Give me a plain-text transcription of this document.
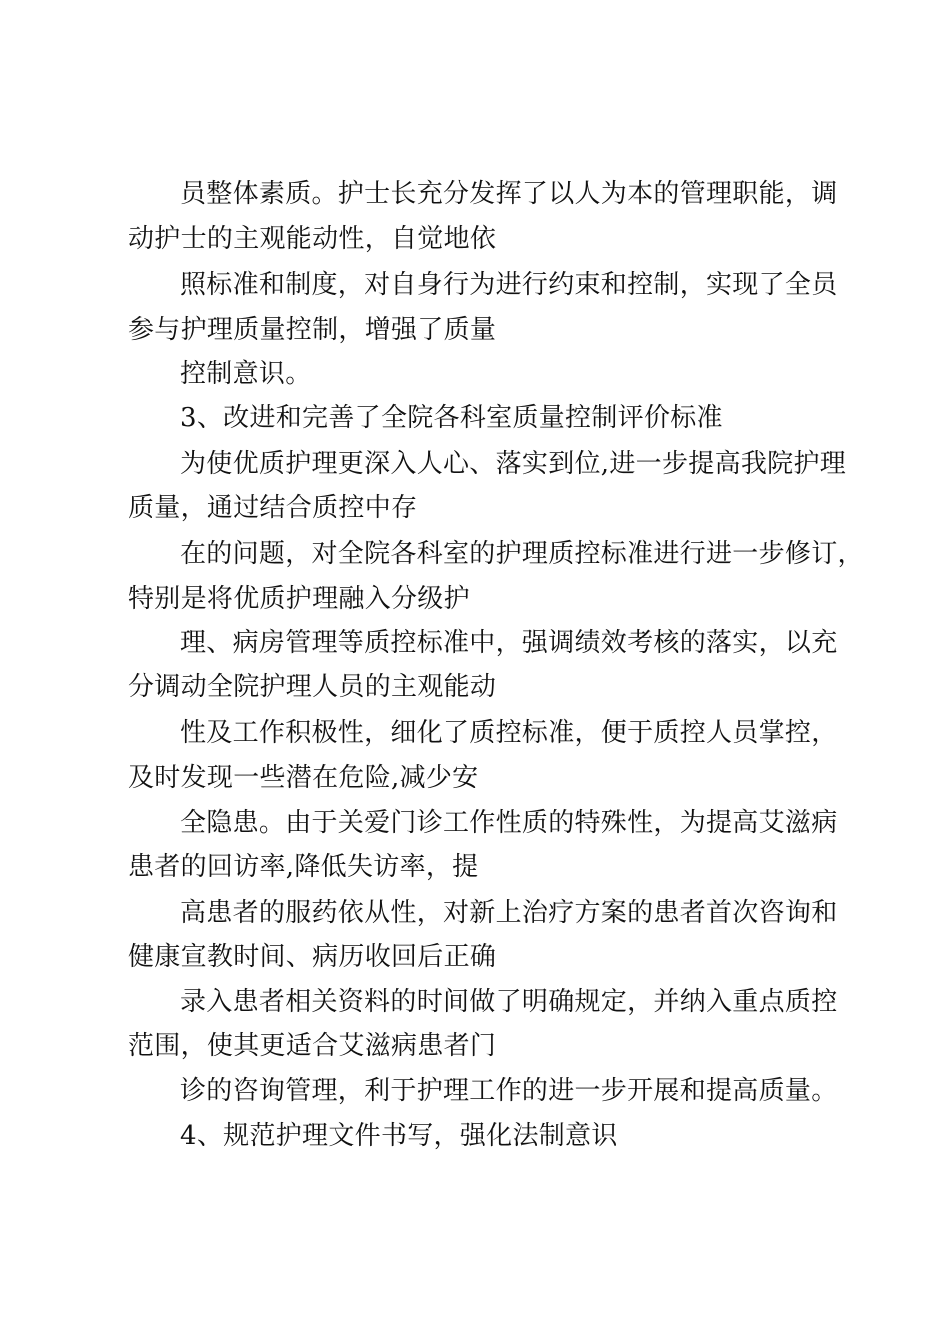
员整体素质。护士长充分发挥了以人为本的管理职能，调

动护士的主观能动性，自觉地依

照标准和制度，对自身行为进行约束和控制，实现了全员

参与护理质量控制，增强了质量

控制意识。

3、改进和完善了全院各科室质量控制评价标准

为使优质护理更深入人心、落实到位,进一步提高我院护理

质量，通过结合质控中存

在的问题，对全院各科室的护理质控标准进行进一步修订，

特别是将优质护理融入分级护

理、病房管理等质控标准中，强调绩效考核的落实，以充

分调动全院护理人员的主观能动

性及工作积极性，细化了质控标准，便于质控人员掌控，

及时发现一些潜在危险,减少安

全隐患。由于关爱门诊工作性质的特殊性，为提高艾滋病

患者的回访率,降低失访率，提

高患者的服药依从性，对新上治疗方案的患者首次咨询和

健康宣教时间、病历收回后正确

录入患者相关资料的时间做了明确规定，并纳入重点质控

范围，使其更适合艾滋病患者门

诊的咨询管理，利于护理工作的进一步开展和提高质量。

4、规范护理文件书写，强化法制意识
